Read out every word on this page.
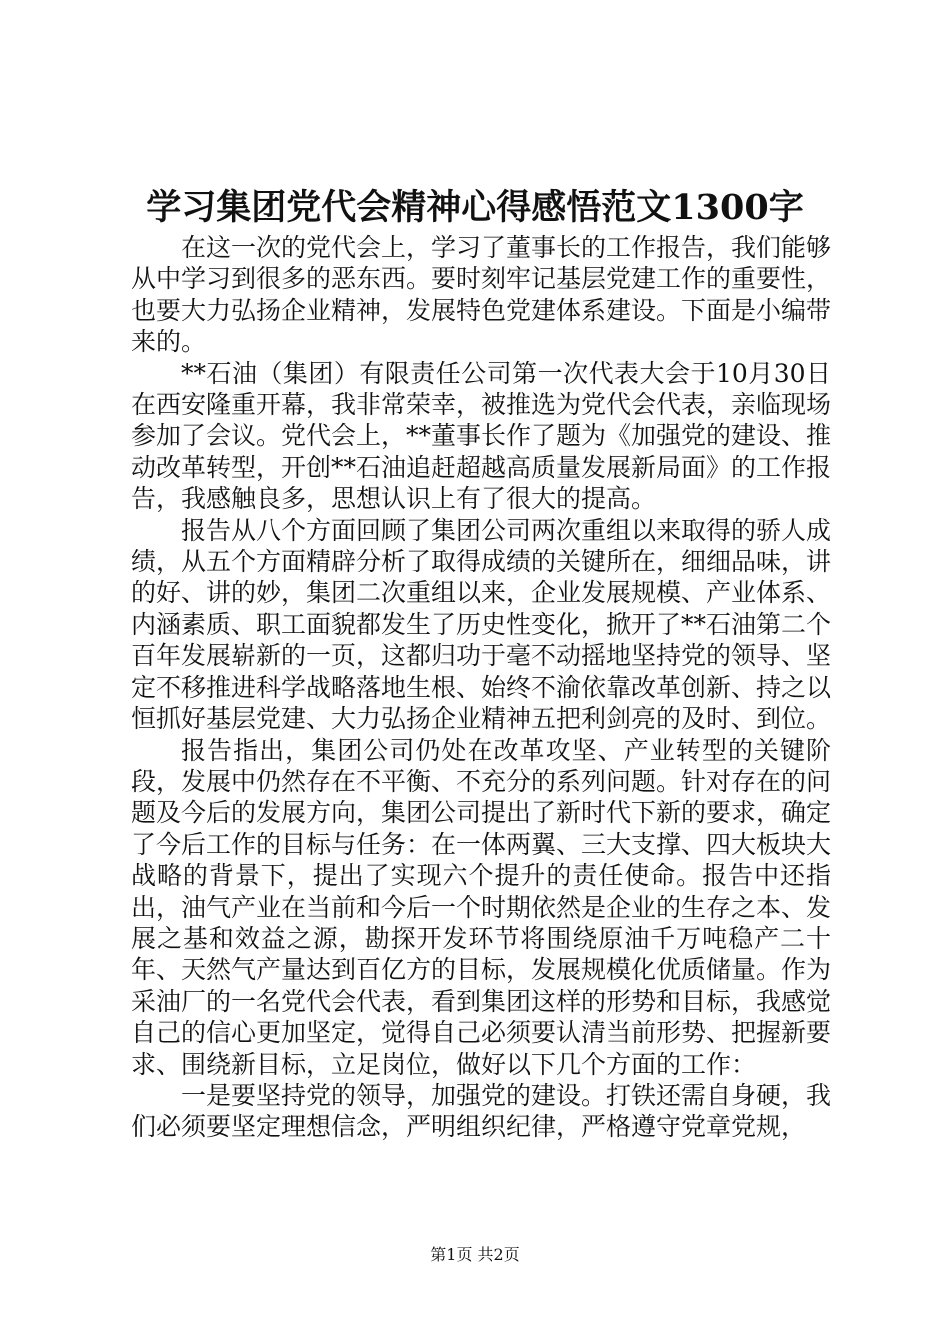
学习集团党代会精神心得感悟范文1300字

在这一次的党代会上，学习了董事长的工作报告，我们能够从中学习到很多的恶东西。要时刻牢记基层党建工作的重要性，也要大力弘扬企业精神，发展特色党建体系建设。下面是小编带来的。

**石油（集团）有限责任公司第一次代表大会于10月30日在西安隆重开幕，我非常荣幸，被推选为党代会代表，亲临现场参加了会议。党代会上，**董事长作了题为《加强党的建设、推动改革转型，开创**石油追赶超越高质量发展新局面》的工作报告，我感触良多，思想认识上有了很大的提高。

报告从八个方面回顾了集团公司两次重组以来取得的骄人成绩，从五个方面精辟分析了取得成绩的关键所在，细细品味，讲的好、讲的妙，集团二次重组以来，企业发展规模、产业体系、内涵素质、职工面貌都发生了历史性变化，掀开了**石油第二个百年发展崭新的一页，这都归功于毫不动摇地坚持党的领导、坚定不移推进科学战略落地生根、始终不渝依靠改革创新、持之以恒抓好基层党建、大力弘扬企业精神五把利剑亮的及时、到位。

报告指出，集团公司仍处在改革攻坚、产业转型的关键阶段，发展中仍然存在不平衡、不充分的系列问题。针对存在的问题及今后的发展方向，集团公司提出了新时代下新的要求，确定了今后工作的目标与任务：在一体两翼、三大支撑、四大板块大战略的背景下，提出了实现六个提升的责任使命。报告中还指出，油气产业在当前和今后一个时期依然是企业的生存之本、发展之基和效益之源，勘探开发环节将围绕原油千万吨稳产二十年、天然气产量达到百亿方的目标，发展规模化优质储量。作为采油厂的一名党代会代表，看到集团这样的形势和目标，我感觉自己的信心更加坚定，觉得自己必须要认清当前形势、把握新要求、围绕新目标，立足岗位，做好以下几个方面的工作：

一是要坚持党的领导，加强党的建设。打铁还需自身硬，我们必须要坚定理想信念，严明组织纪律，严格遵守党章党规，

第1页 共2页
